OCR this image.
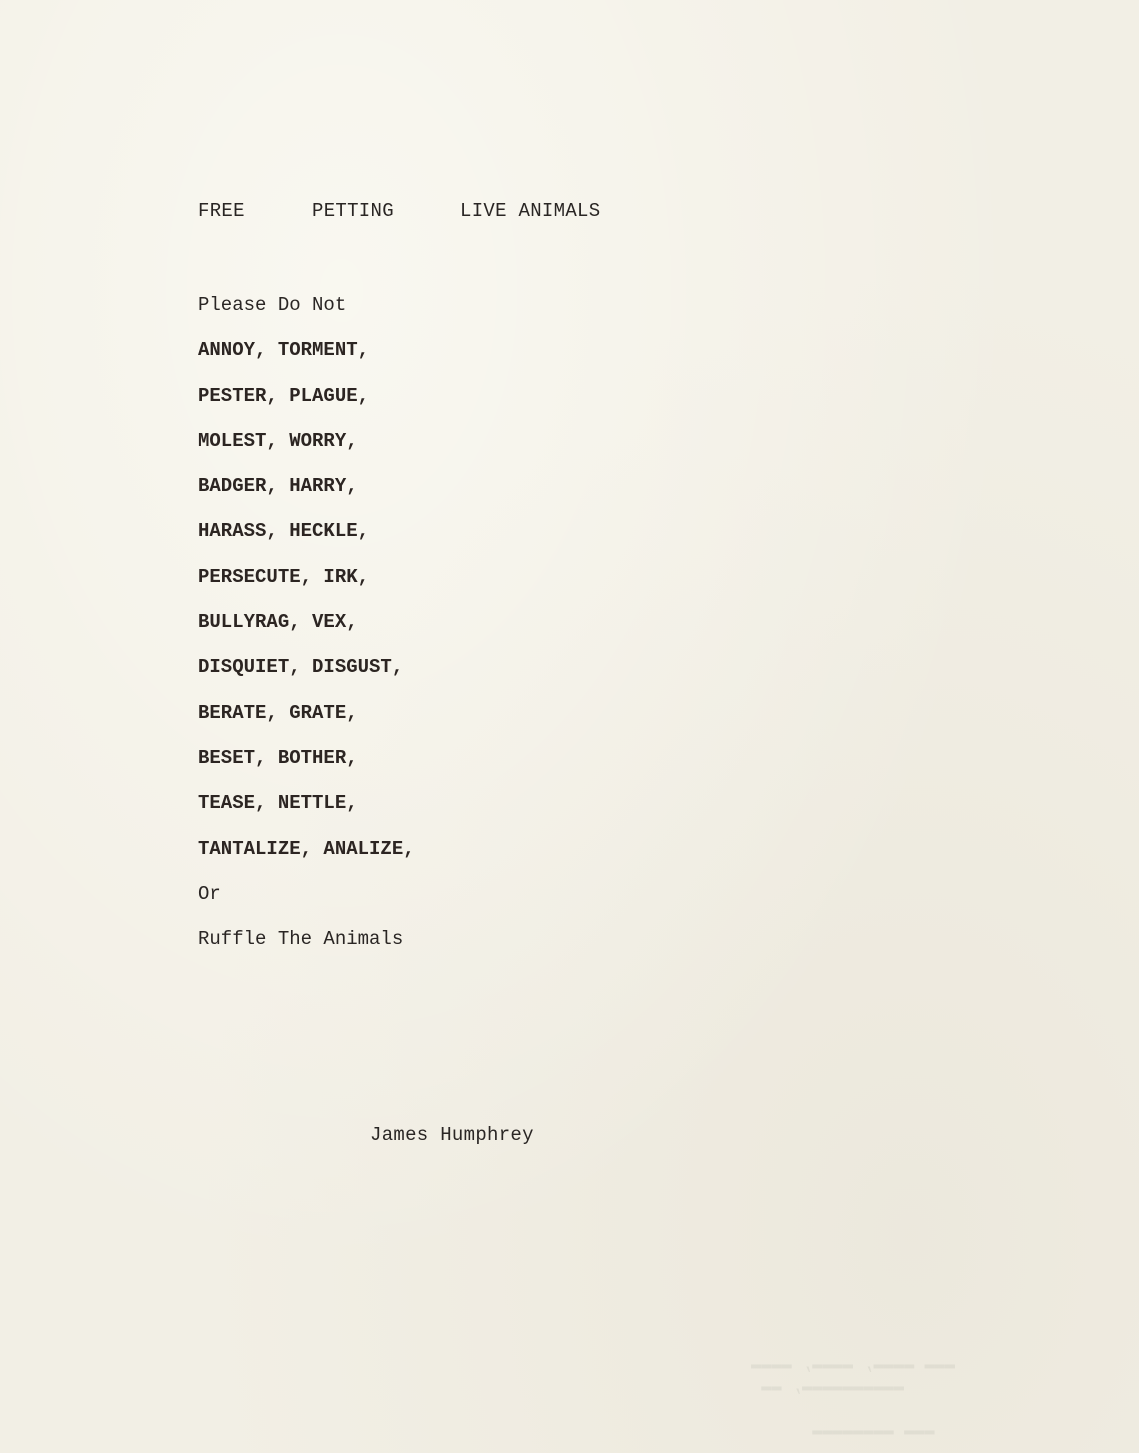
FREE	PETTING	LIVE ANIMALS
Please Do Not
ANNOY, TORMENT,
PESTER, PLAGUE,
MOLEST, WORRY,
BADGER, HARRY,
HARASS, HECKLE,
PERSECUTE, IRK,
BULLYRAG, VEX,
DISQUIET, DISGUST,
BERATE, GRATE,
BESET, BOTHER,
TEASE, NETTLE,
TANTALIZE, ANALIZE,
Or
Ruffle The Animals
James Humphrey
▬▬▬ ▬▬▬▬, ▬▬▬▬, ▬▬▬▬
▬▬▬▬▬▬▬▬▬▬, ▬▬

▬▬▬ ▬▬▬▬▬▬▬▬
